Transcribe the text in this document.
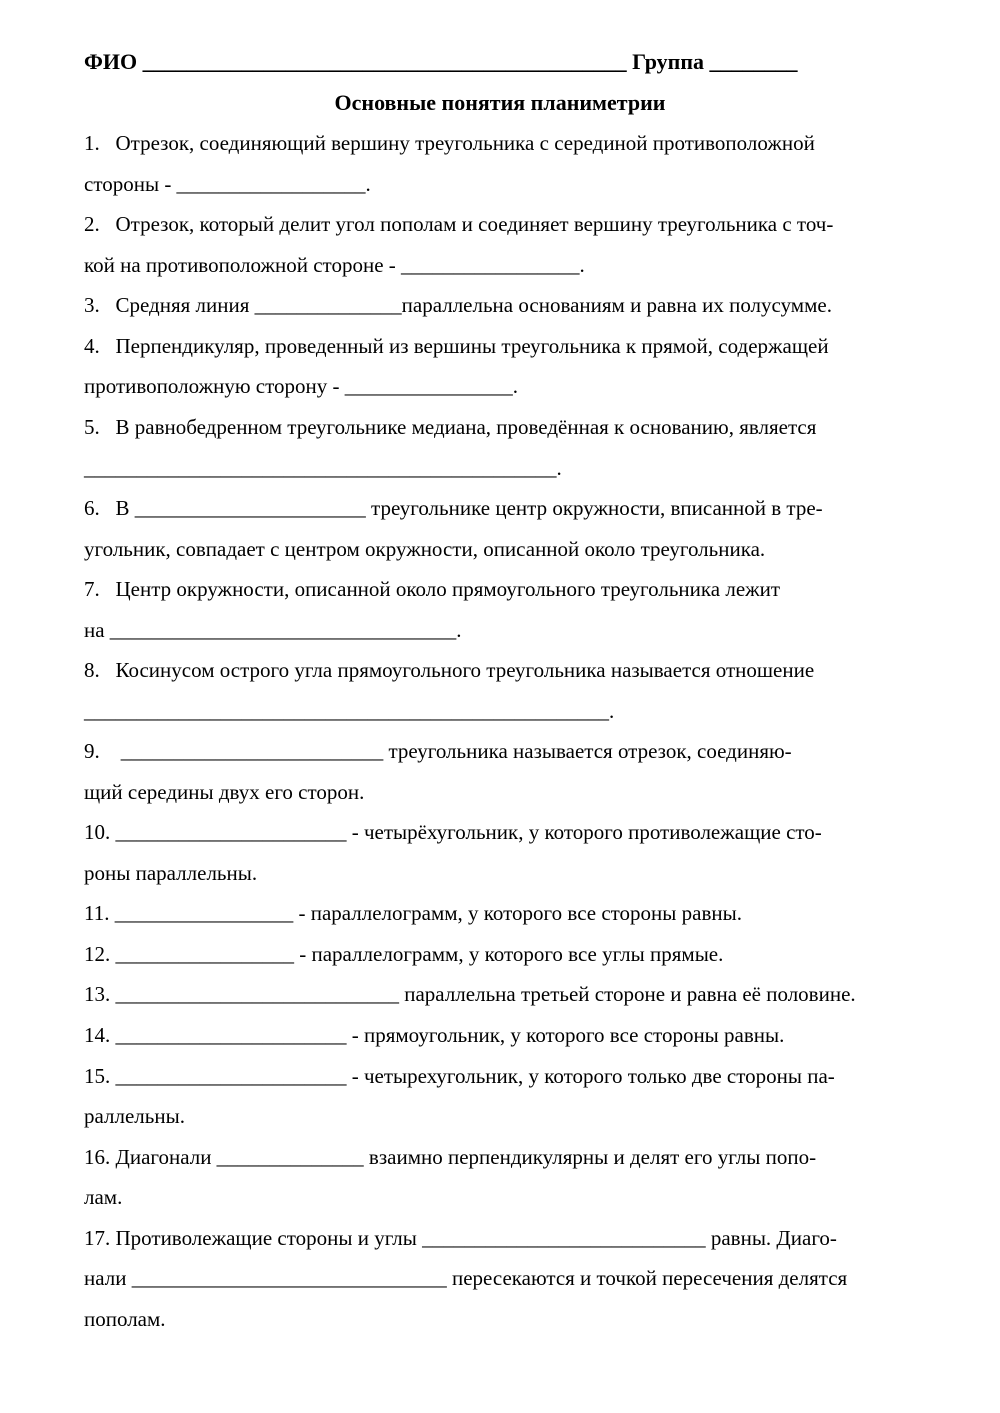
ФИО ____________________________________________ Группа ________
Основные понятия планиметрии
1.   Отрезок, соединяющий вершину треугольника с серединой противоположной
стороны - __________________.
2.   Отрезок, который делит угол пополам и соединяет вершину треугольника с точ-
кой на противоположной стороне - _________________.
3.   Средняя линия ______________параллельна основаниям и равна их полусумме.
4.   Перпендикуляр, проведенный из вершины треугольника к прямой, содержащей
противоположную сторону - ________________.
5.   В равнобедренном треугольнике медиана, проведённая к основанию, является
_____________________________________________.
6.   В ______________________ треугольнике центр окружности, вписанной в тре-
угольник, совпадает с центром окружности, описанной около треугольника.
7.   Центр окружности, описанной около прямоугольного треугольника лежит
на _________________________________.
8.   Косинусом острого угла прямоугольного треугольника называется отношение
__________________________________________________.
9.    _________________________ треугольника называется отрезок, соединяю-
щий середины двух его сторон.
10. ______________________ - четырёхугольник, у которого противолежащие сто-
роны параллельны.
11. _________________ - параллелограмм, у которого все стороны равны.
12. _________________ - параллелограмм, у которого все углы прямые.
13. ___________________________ параллельна третьей стороне и равна её половине.
14. ______________________ - прямоугольник, у которого все стороны равны.
15. ______________________ - четырехугольник, у которого только две стороны па-
раллельны.
16. Диагонали ______________ взаимно перпендикулярны и делят его углы попо-
лам.
17. Противолежащие стороны и углы ___________________________ равны. Диаго-
нали ______________________________ пересекаются и точкой пересечения делятся
пополам.
